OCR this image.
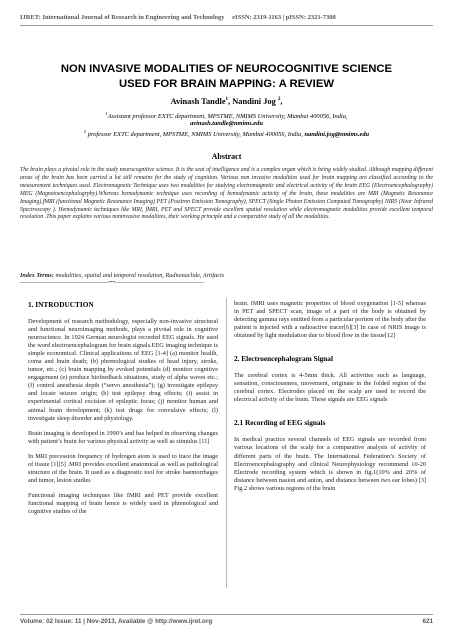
IJRET: International Journal of Research in Engineering and Technology eISSN: 2319-1163 | pISSN: 2321-7308
NON INVASIVE MODALITIES OF NEUROCOGNITIVE SCIENCE
USED FOR BRAIN MAPPING: A REVIEW
Avinash Tandle$^1$, Nandini Jog $^2$,
$^1$Assistant professor EXTC department, MPSTME, NMIMS University, Mumbai 400056, India,
avinash.tandle@nmims.edu
$^2$ professor EXTC department, MPSTME, NMIMS University, Mumbai 400056, India, nandini.jog@nmims.edu
Abstract
The brain plays a pivotal role in the study neurocognitive science. It is the seat of intelligence and is a complex organ which is being widely studied. Although mapping different areas of the brain has been carried a lot still remains for the study of cognition. Various non invasive modalities used for brain mapping are classified according to the measurement techniques used. Electromagnetic Technique uses two modalities for studying electromagnetic and electrical activity of the brain EEG (Electroencephalography) MEG (Magnetoencephalogrphy).Whereas hemodynamic technique uses recording of hemodynamic activity of the brain, these modalities are MRI (Magnetic Resonance Imaging),fMRI (functional Magnetic Resonance Imaging) PET (Positron Emission Tomography), SPECT (Single Photon Emission Computed Tomography) NIRS (Near Infrared Spectroscopy ). Hemodynamic techniques like MRI, fMRI, PET and SPECT provide excellent spatial resolution while electromagnetic modalities provide excellent temporal resolution .This paper explains various noninvasive modalities, their working principle and a comparative study of all the modalities.
Index Terms: modalities, spatial and temporal resolution, Radiomuclide, Artifacts
----------------------------------------------------------------------***----------------------------------------------------------------------
1. INTRODUCTION

Development of research methodology, especially non-invasive structural and functional neuroimaging methods, plays a pivotal role in cognitive neuroscience. In 1924 German neurologist recorded EEG signals. He used the word electroencephalogram for brain signals.EEG imaging technique is simple economical. Clinical applications of EEG [1-4] (a) monitor health, coma and brain death; (b) phrenological studies of head injury, stroke, tumor, etc.; (c) brain mapping by evoked potentials (d) monitor cognitive engagement (e) produce biofeedback situations, study of alpha waves etc.; (f) control anesthesia depth (“servo anesthesia”); (g) investigate epilepsy and locate seizure origin; (h) test epilepsy drug effects; (i) assist in experimental cortical excision of epileptic focus; (j) monitor human and animal brain development; (k) test drugs for convulsive effects; (l) investigate sleep disorder and physiology.

Brain imaging is developed in 1990’s and has helped in observing changes with patient’s brain for various physical activity as well as stimulus [11]

In MRI precession frequency of hydrogen atom is used to trace the image of tissue [1][5] .MRI provides excellent anatomical as well as pathological structure of the brain. It used as a diagnostic tool for stroke haemorrhages and tumor, lesion studies

Functional imaging techniques like fMRI and PET provide excellent functional mapping of brain hence is widely used in phrenological and cognitive studies of the

brain. fMRI uses magnetic properties of blood oxygenation [1-5] whereas in PET and SPECT scan, image of a part of the body is obtained by detecting gamma rays emitted from a particular portion of the body after the patient is injected with a radioactive tracer[6][3] In case of NRIS image is obtained by light modulation due to blood flow in the tissue[12]

2. Electroencephalogram Signal

The cerebral cortex is 4-5mm thick. All activities such as language, sensation, consciousness, movement, originate in the folded region of the cerebral cortex. Electrodes placed on the scalp are used to record the electrical activity of the brain. These signals are EEG signals

2.1 Recording of EEG signals

In medical practice several channels of EEG signals are recorded from various locations of the scalp for a comparative analysis of activity of different parts of the brain. The International Federation’s Society of Electroencephalography and clinical Neurophysiology recommend 10-20 Electrode recording system which is shown in fig.1(10% and 20% of distance between nasion and anion, and distance between two ear lobes) [3] Fig.2 shows various regions of the brain

Volume: 02 Issue: 11 | Nov-2013, Available @ http://www.ijret.org	621
